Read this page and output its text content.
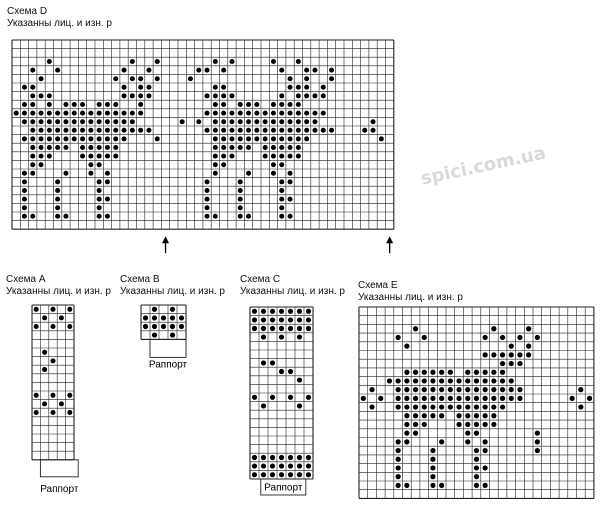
Схема D
Указанны лиц. и изн. р
Схема A
Указанны лиц. и изн. р
Схема B
Указанны лиц. и изн. р
Схема C
Указанны лиц. и изн. р
Схема E
Указанны лиц. и изн. р
spici.com.ua
Раппорт
Раппорт
Раппорт
